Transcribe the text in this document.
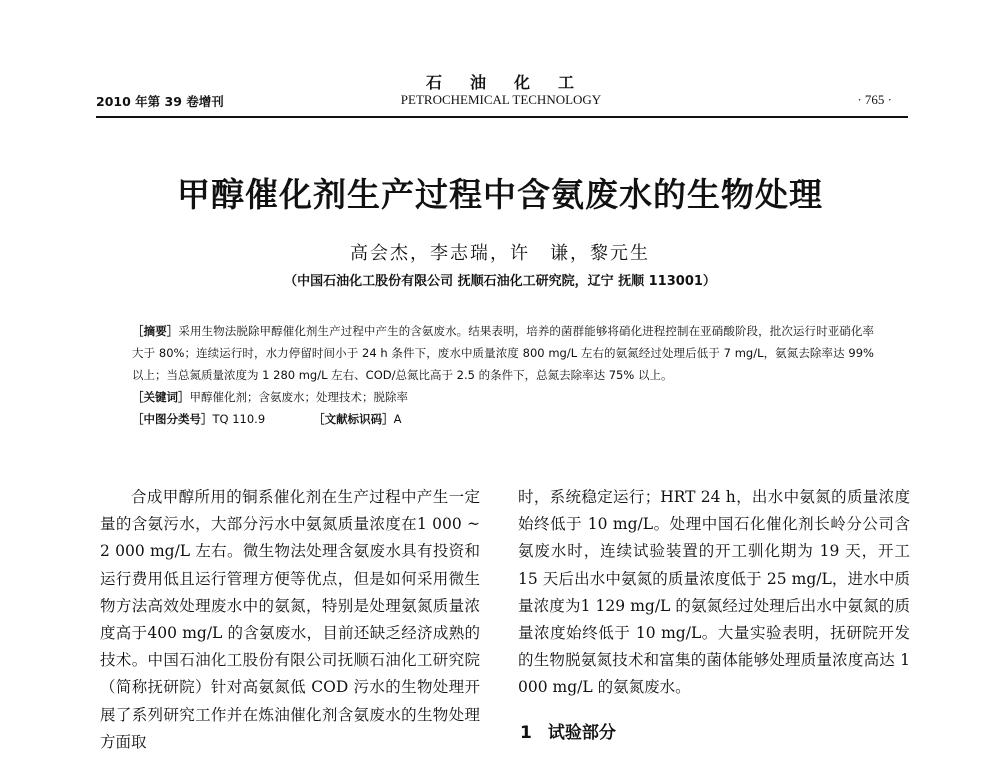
石 油 化 工
2010 年第 39 卷增刊	PETROCHEMICAL TECHNOLOGY	· 765 ·
甲醇催化剂生产过程中含氨废水的生物处理
高会杰，李志瑞，许　谦，黎元生
（中国石油化工股份有限公司 抚顺石油化工研究院，辽宁 抚顺 113001）

［摘要］采用生物法脱除甲醇催化剂生产过程中产生的含氨废水。结果表明，培养的菌群能够将硝化进程控制在亚硝酸阶段，批次运行时亚硝化率大于 80%；连续运行时，水力停留时间小于 24 h 条件下，废水中质量浓度 800 mg/L 左右的氨氮经过处理后低于 7 mg/L，氨氮去除率达 99% 以上；当总氮质量浓度为 1 280 mg/L 左右、COD/总氮比高于 2.5 的条件下，总氮去除率达 75% 以上。

［关键词］甲醇催化剂；含氨废水；处理技术；脱除率

［中图分类号］TQ 110.9	［文献标识码］A

合成甲醇所用的铜系催化剂在生产过程中产生一定量的含氨污水，大部分污水中氨氮质量浓度在1 000 ~ 2 000 mg/L 左右。微生物法处理含氨废水具有投资和运行费用低且运行管理方便等优点，但是如何采用微生物方法高效处理废水中的氨氮，特别是处理氨氮质量浓度高于400 mg/L 的含氨废水，目前还缺乏经济成熟的技术。中国石油化工股份有限公司抚顺石油化工研究院（简称抚研院）针对高氨氮低 COD 污水的生物处理开展了系列研究工作并在炼油催化剂含氨废水的生物处理方面取

时，系统稳定运行；HRT 24 h，出水中氨氮的质量浓度始终低于 10 mg/L。处理中国石化催化剂长岭分公司含氨废水时，连续试验装置的开工驯化期为 19 天，开工 15 天后出水中氨氮的质量浓度低于 25 mg/L，进水中质量浓度为1 129 mg/L 的氨氮经过处理后出水中氨氮的质量浓度始终低于 10 mg/L。大量实验表明，抚研院开发的生物脱氨氮技术和富集的菌体能够处理质量浓度高达 1 000 mg/L 的氨氮废水。

1 试验部分
